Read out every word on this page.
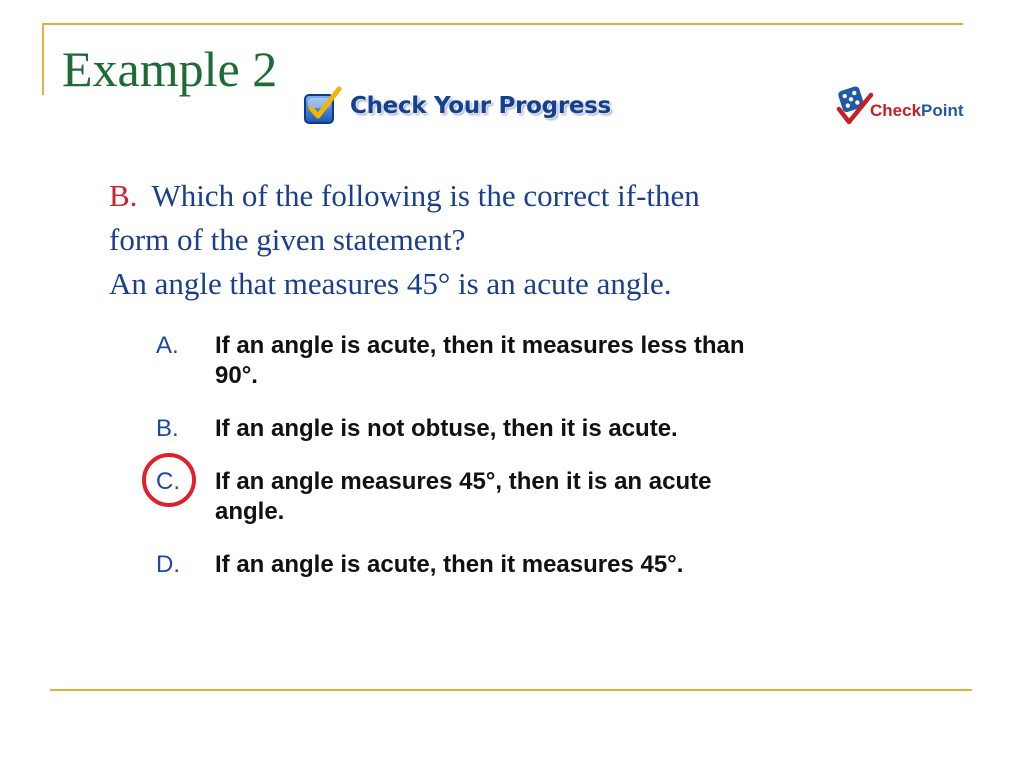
Example 2
Check Your Progress	CheckPoint
B. Which of the following is the correct if-then
form of the given statement?
An angle that measures 45° is an acute angle.
A.	If an angle is acute, then it measures less than 90°.
B.	If an angle is not obtuse, then it is acute.
C.	If an angle measures 45°, then it is an acute angle.
D.	If an angle is acute, then it measures 45°.
